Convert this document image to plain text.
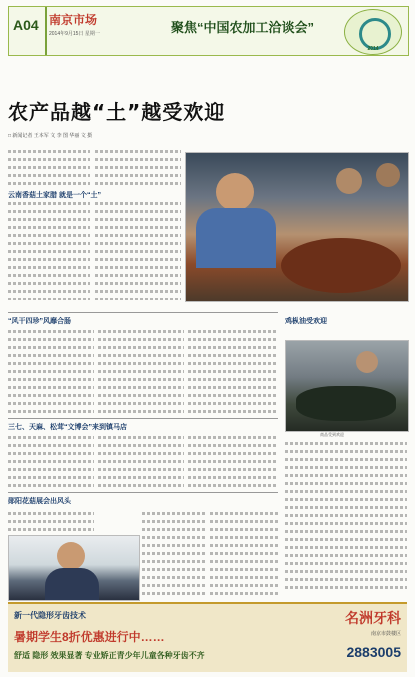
A04 南京市场
2014年9月15日 星期一	聚焦“中国农加工洽谈会”
2014
农产品越“土”越受欢迎
□ 新闻记者 王本军 文 李 图 华丽 文 摄
云南香菇土家腊 就是一个“土”
“风干四珍”风靡合肠	鸡枞油受欢迎
商品受到欢迎
三七、天麻、松茸“文博会”来到镇马店
郧阳花菇展会出风头
新一代隐形牙齿技术
暑期学生8折优惠进行中……
舒适 隐形 效果显著 专业矫正青少年儿童各种牙齿不齐
名洲牙科
南京市鼓楼区
2883005
